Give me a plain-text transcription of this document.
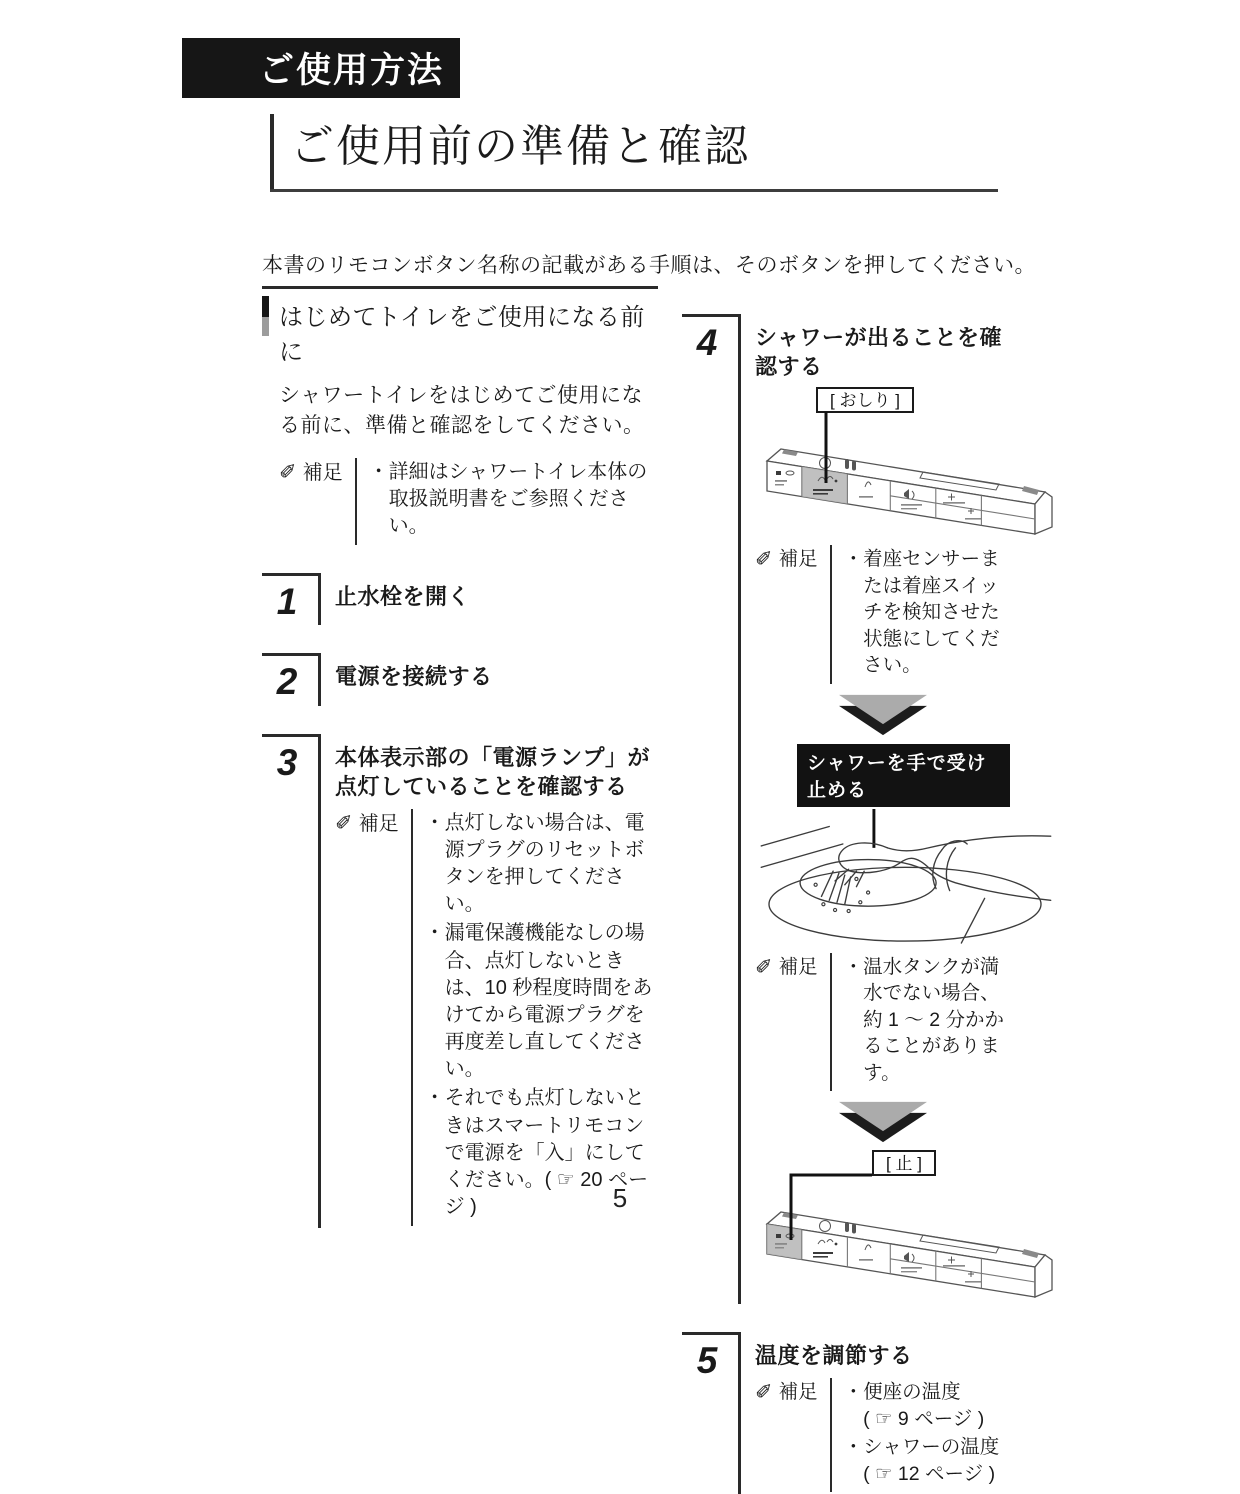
ご使用方法
ご使用前の準備と確認

本書のリモコンボタン名称の記載がある手順は、そのボタンを押してください。

はじめてトイレをご使用になる前に

シャワートイレをはじめてご使用になる前に、準備と確認をしてください。

✐ 補足 ・詳細はシャワートイレ本体の取扱説明書をご参照ください。
1	止水栓を開く
2	電源を接続する
3	本体表示部の「電源ランプ」が点灯していることを確認する
✐ 補足 ・点灯しない場合は、電源プラグのリセットボタンを押してください。
・漏電保護機能なしの場合、点灯しないときは、10 秒程度時間をあけてから電源プラグを再度差し直してください。
・それでも点灯しないときはスマートリモコンで電源を「入」にしてください。( ☞ 20 ページ )
4	シャワーが出ることを確認する
[ おしり ]
✐ 補足 ・着座センサーまたは着座スイッチを検知させた状態にしてください。
シャワーを手で受け止める
✐ 補足 ・温水タンクが満水でない場合、約 1 ～ 2 分かかることがあります。
[ 止 ]
5	温度を調節する
✐ 補足 ・便座の温度
( ☞ 9 ページ )
・シャワーの温度
( ☞ 12 ページ )
5
